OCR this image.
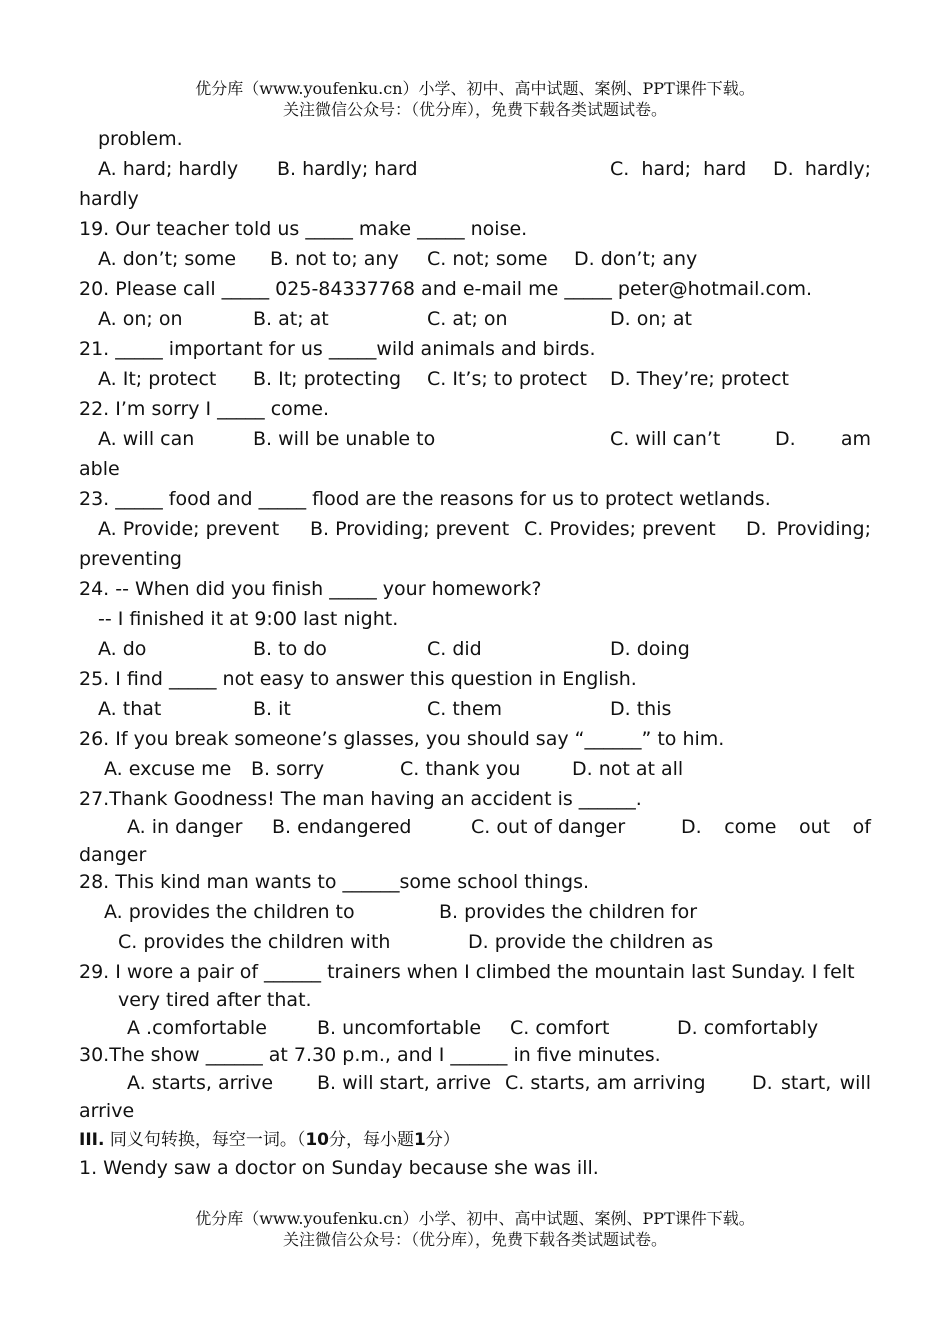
优分库（www.youfenku.cn）小学、初中、高中试题、案例、PPT课件下载。
关注微信公众号：（优分库），免费下载各类试题试卷。
problem.
A. hard; hardly B. hardly; hard	C. hard; hard D. hardly;
hardly
19. Our teacher told us _____ make _____ noise.
A. don’t; some B. not to; any C. not; some D. don’t; any
20. Please call _____ 025-84337768 and e-mail me _____ peter@hotmail.com.
A. on; on	B. at; at	C. at; on	D. on; at
21. _____ important for us _____wild animals and birds.
A. It; protect B. It; protecting C. It’s; to protect D. They’re; protect
22. I’m sorry I _____ come.
A. will can	B. will be unable to	C. will can’t	D. am
able
23. _____ food and _____ flood are the reasons for us to protect wetlands.
A. Provide; prevent B. Providing; prevent C. Provides; prevent D. Providing;
preventing
24. -- When did you finish _____ your homework?
-- I finished it at 9:00 last night.
A. do	B. to do	C. did	D. doing
25. I find _____ not easy to answer this question in English.
A. that	B. it	C. them	D. this
26. If you break someone’s glasses, you should say “______” to him.
A. excuse me B. sorry	C. thank you	D. not at all
27.Thank Goodness! The man having an accident is ______.
A. in danger B. endangered	C. out of danger	D. come out of
danger
28. This kind man wants to ______some school things.
A. provides the children to	B. provides the children for
C. provides the children with	D. provide the children as
29. I wore a pair of ______ trainers when I climbed the mountain last Sunday. I felt
very tired after that.
A .comfortable	B. uncomfortable C. comfort	D. comfortably
30.The show ______ at 7.30 p.m., and I ______ in five minutes.
A. starts, arrive B. will start, arrive C. starts, am arriving D. start, will
arrive
III. 同义句转换，每空一词。（10分，每小题1分）
1. Wendy saw a doctor on Sunday because she was ill.
优分库（www.youfenku.cn）小学、初中、高中试题、案例、PPT课件下载。
关注微信公众号：（优分库），免费下载各类试题试卷。
